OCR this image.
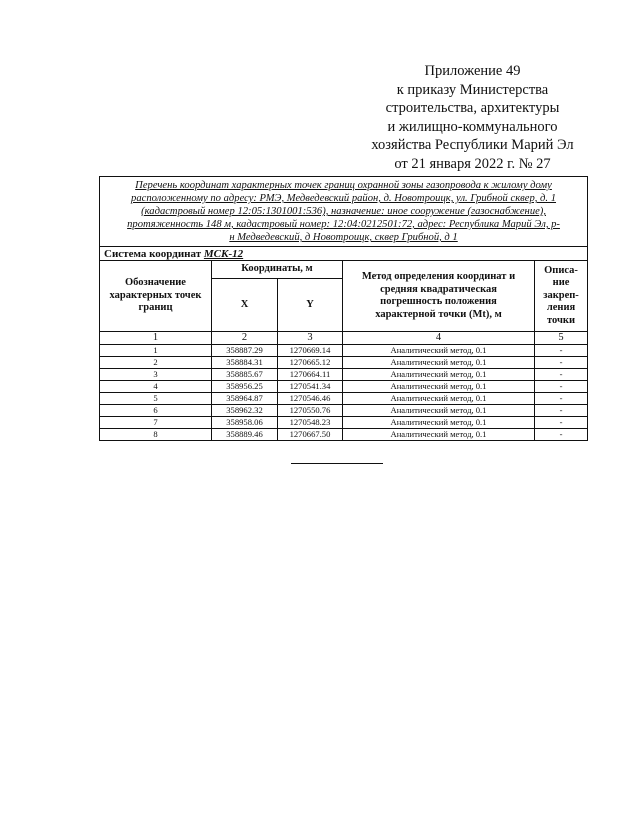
Приложение 49
к приказу Министерства
строительства, архитектуры
и жилищно-коммунального
хозяйства Республики Марий Эл
от 21 января 2022 г. № 27
Перечень координат характерных точек границ охранной зоны газопровода к жилому дому
расположенному по адресу: РМЭ, Медведевский район, д. Новотроицк, ул. Грибной сквер, д. 1
(кадастровый номер 12:05:1301001:536), назначение: иное сооружение (газоснабжение),
протяженность 148 м, кадастровый номер: 12:04:0212501:72, адрес: Республика Марий Эл, р-
н Медведевский, д Новотроицк, сквер Грибной, д 1				

Система координат МСК-12				
Обозначение характерных точек границ	Координаты, м		Метод определения координат и средняя квадратическая погрешность положения характерной точки (Mt), м	Описа-ние закреп-ления точки
	X	Y		
1	2	3	4	5
1	358887.29	1270669.14	Аналитический метод, 0.1	-
2	358884.31	1270665.12	Аналитический метод, 0.1	-
3	358885.67	1270664.11	Аналитический метод, 0.1	-
4	358956.25	1270541.34	Аналитический метод, 0.1	-
5	358964.87	1270546.46	Аналитический метод, 0.1	-
6	358962.32	1270550.76	Аналитический метод, 0.1	-
7	358958.06	1270548.23	Аналитический метод, 0.1	-
8	358889.46	1270667.50	Аналитический метод, 0.1	-
